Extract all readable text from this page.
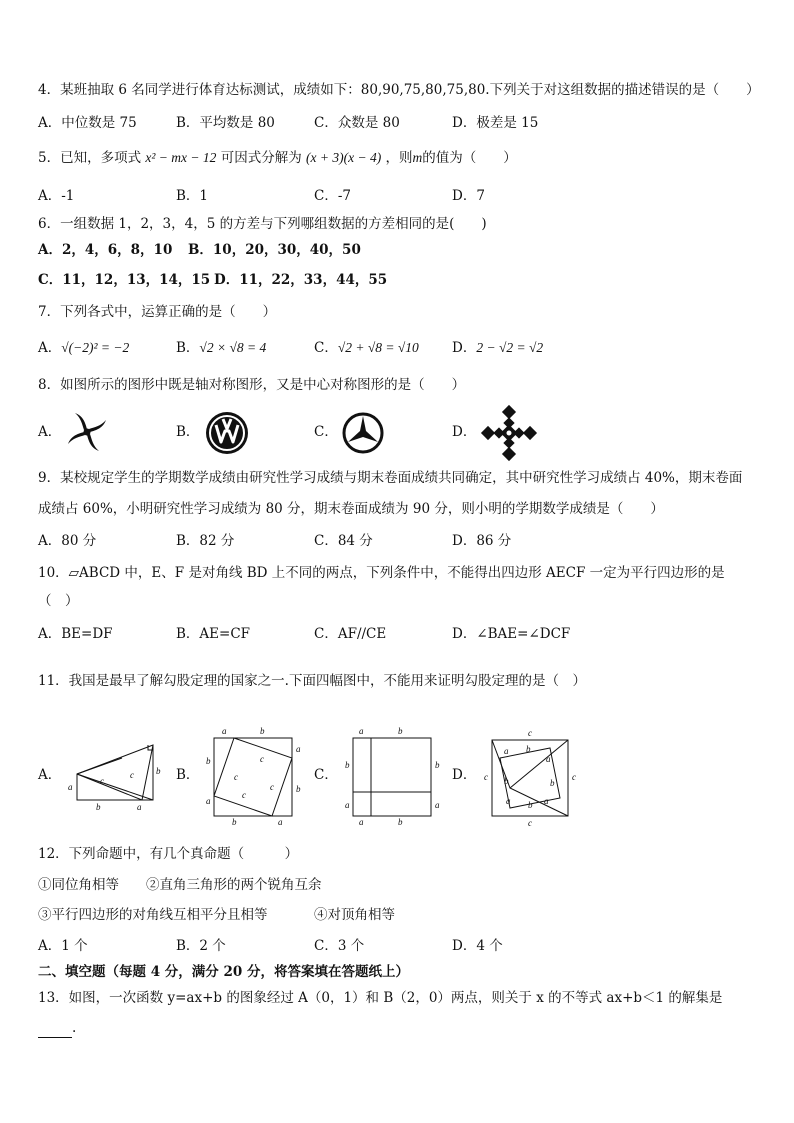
4．某班抽取 6 名同学进行体育达标测试，成绩如下：80,90,75,80,75,80.下列关于对这组数据的描述错误的是（　　）
A．中位数是 75	B．平均数是 80	C．众数是 80	D．极差是 15
5．已知，多项式 x² − mx − 12 可因式分解为 (x + 3)(x − 4) ，则m的值为（　　）
A．-1	B．1	C．-7	D．7
6．一组数据 1，2，3，4，5 的方差与下列哪组数据的方差相同的是(　　)
A．2，4，6，8，10 B．10，20，30，40，50
C．11，12，13，14，15 D．11，22，33，44，55
7．下列各式中，运算正确的是（　　）
A．√(−2)² = −2	B．√2 × √8 = 4	C．√2 + √8 = √10 D．2 − √2 = √2
8．如图所示的图形中既是轴对称图形，又是中心对称图形的是（　　）
A．	B．	C．	D．
9．某校规定学生的学期数学成绩由研究性学习成绩与期末卷面成绩共同确定，其中研究性学习成绩占 40%，期末卷面
成绩占 60%，小明研究性学习成绩为 80 分，期末卷面成绩为 90 分，则小明的学期数学成绩是（　　）
A．80 分	B．82 分	C．84 分	D．86 分
10．▱ABCD 中，E、F 是对角线 BD 上不同的两点，下列条件中，不能得出四边形 AECF 一定为平行四边形的是
（　）
A．BE=DF	B．AE=CF	C．AF//CE	D．∠BAE=∠DCF
11．我国是最早了解勾股定理的国家之一.下面四幅图中，不能用来证明勾股定理的是（　）
A．
a
b	a
b
c
c	B．
a	b
a
b
a
b
a
b
c
c
c
c
C．
a	b
b	b
a	a
a	b
D．
c
c	c
c
a b
a
b	b
a b a
12．下列命题中，有几个真命题（　　　）
①同位角相等 ②直角三角形的两个锐角互余
③平行四边形的对角线互相平分且相等	④对顶角相等
A．1 个	B．2 个	C．3 个	D．4 个
二、填空题（每题 4 分，满分 20 分，将答案填在答题纸上）
13．如图，一次函数 y=ax+b 的图象经过 A（0，1）和 B（2，0）两点，则关于 x 的不等式 ax+b＜1 的解集是
.
